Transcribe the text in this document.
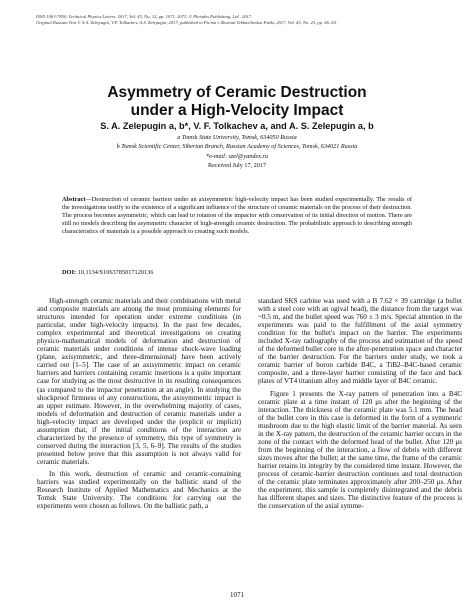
ISSN 1063-7850, Technical Physics Letters, 2017, Vol. 43, No. 12, pp. 1071–1073. © Pleiades Publishing, Ltd., 2017.
Original Russian Text © S.A. Zelepugin, V.F. Tolkachev, A.S. Zelepugin, 2017, published in Pis'ma v Zhurnal Tekhnicheskoi Fiziki, 2017, Vol. 43, No. 23, pp. 46–54.
Asymmetry of Ceramic Destruction
under a High-Velocity Impact
S. A. Zelepugin a, b*, V. F. Tolkachev a, and A. S. Zelepugin a, b
a Tomsk State University, Tomsk, 634050 Russia
b Tomsk Scientific Center, Siberian Branch, Russian Academy of Sciences, Tomsk, 634021 Russia
*e-mail: szel@yandex.ru
Received July 17, 2017
Abstract—Destruction of ceramic barriers under an axisymmetric high-velocity impact has been studied experimentally. The results of the investigations testify to the existence of a significant influence of the structure of ceramic materials on the process of their destruction. The process becomes asymmetric, which can lead to rotation of the impactor with conservation of its initial direction of motion. There are still no models describing the asymmetric character of high-strength ceramic destruction. The probabilistic approach to describing strength characteristics of materials is a possible approach to creating such models.
DOI: 10.1134/S1063785017120136

High-strength ceramic materials and their combinations with metal and composite materials are among the most promising elements for structures intended for operation under extreme conditions (in particular, under high-velocity impacts). In the past few decades, complex experimental and theoretical investigations on creating physico-mathematical models of deformation and destruction of ceramic materials under conditions of intense shock-wave loading (plane, axisymmetric, and three-dimensional) have been actively carried out [1–5]. The case of an axisymmetric impact on ceramic barriers and barriers containing ceramic insertions is a quite important case for studying as the most destructive in its resulting consequences (as compared to the impactor penetration at an angle). In studying the shockproof firmness of any constructions, the axisymmetric impact is an upper estimate. However, in the overwhelming majority of cases, models of deformation and destruction of ceramic materials under a high-velocity impact are developed under the (explicit or implicit) assumption that, if the initial conditions of the interaction are characterized by the presence of symmetry, this type of symmetry is conserved during the interaction [3, 5, 6–9]. The results of the studies presented below prove that this assumption is not always valid for ceramic materials.

In this work, destruction of ceramic and ceramic-containing barriers was studied experimentally on the ballistic stand of the Research Institute of Applied Mathematics and Mechanics at the Tomsk State University. The conditions for carrying out the experiments were chosen as follows. On the ballistic path, a

standard SKS carbine was used with a B 7.62 × 39 cartridge (a bullet with a steel core with an ogival head), the distance from the target was ~0.5 m, and the bullet speed was 760 ± 3 m/s. Special attention in the experiments was paid to the fulfillment of the axial symmetry condition for the bullet's impact on the barrier. The experiments included X-ray radiography of the process and estimation of the speed of the deformed bullet core in the after-penetration space and character of the barrier destruction. For the barriers under study, we took a ceramic barrier of boron carbide B4C, a TiB2–B4C-based ceramic composite, and a three-layer barrier consisting of the face and back plates of VT4 titanium alloy and middle layer of B4C ceramic.

Figure 1 presents the X-ray pattern of penetration into a B4C ceramic plate at a time instant of 120 μs after the beginning of the interaction. The thickness of the ceramic plate was 5.1 mm. The head of the bullet core in this case is deformed in the form of a symmetric mushroom due to the high elastic limit of the barrier material. As seen in the X-ray pattern, the destruction of the ceramic barrier occurs in the zone of the contact with the deformed head of the bullet. After 120 μs from the beginning of the interaction, a flow of debris with different sizes moves after the bullet; at the same time, the frame of the ceramic barrier retains its integrity by the considered time instant. However, the process of ceramic-barrier destruction continues and total destruction of the ceramic plate terminates approximately after 200–250 μs. After the experiment, this sample is completely disintegrated and the debris has different shapes and sizes. The distinctive feature of the process is the conservation of the axial symme-

1071
